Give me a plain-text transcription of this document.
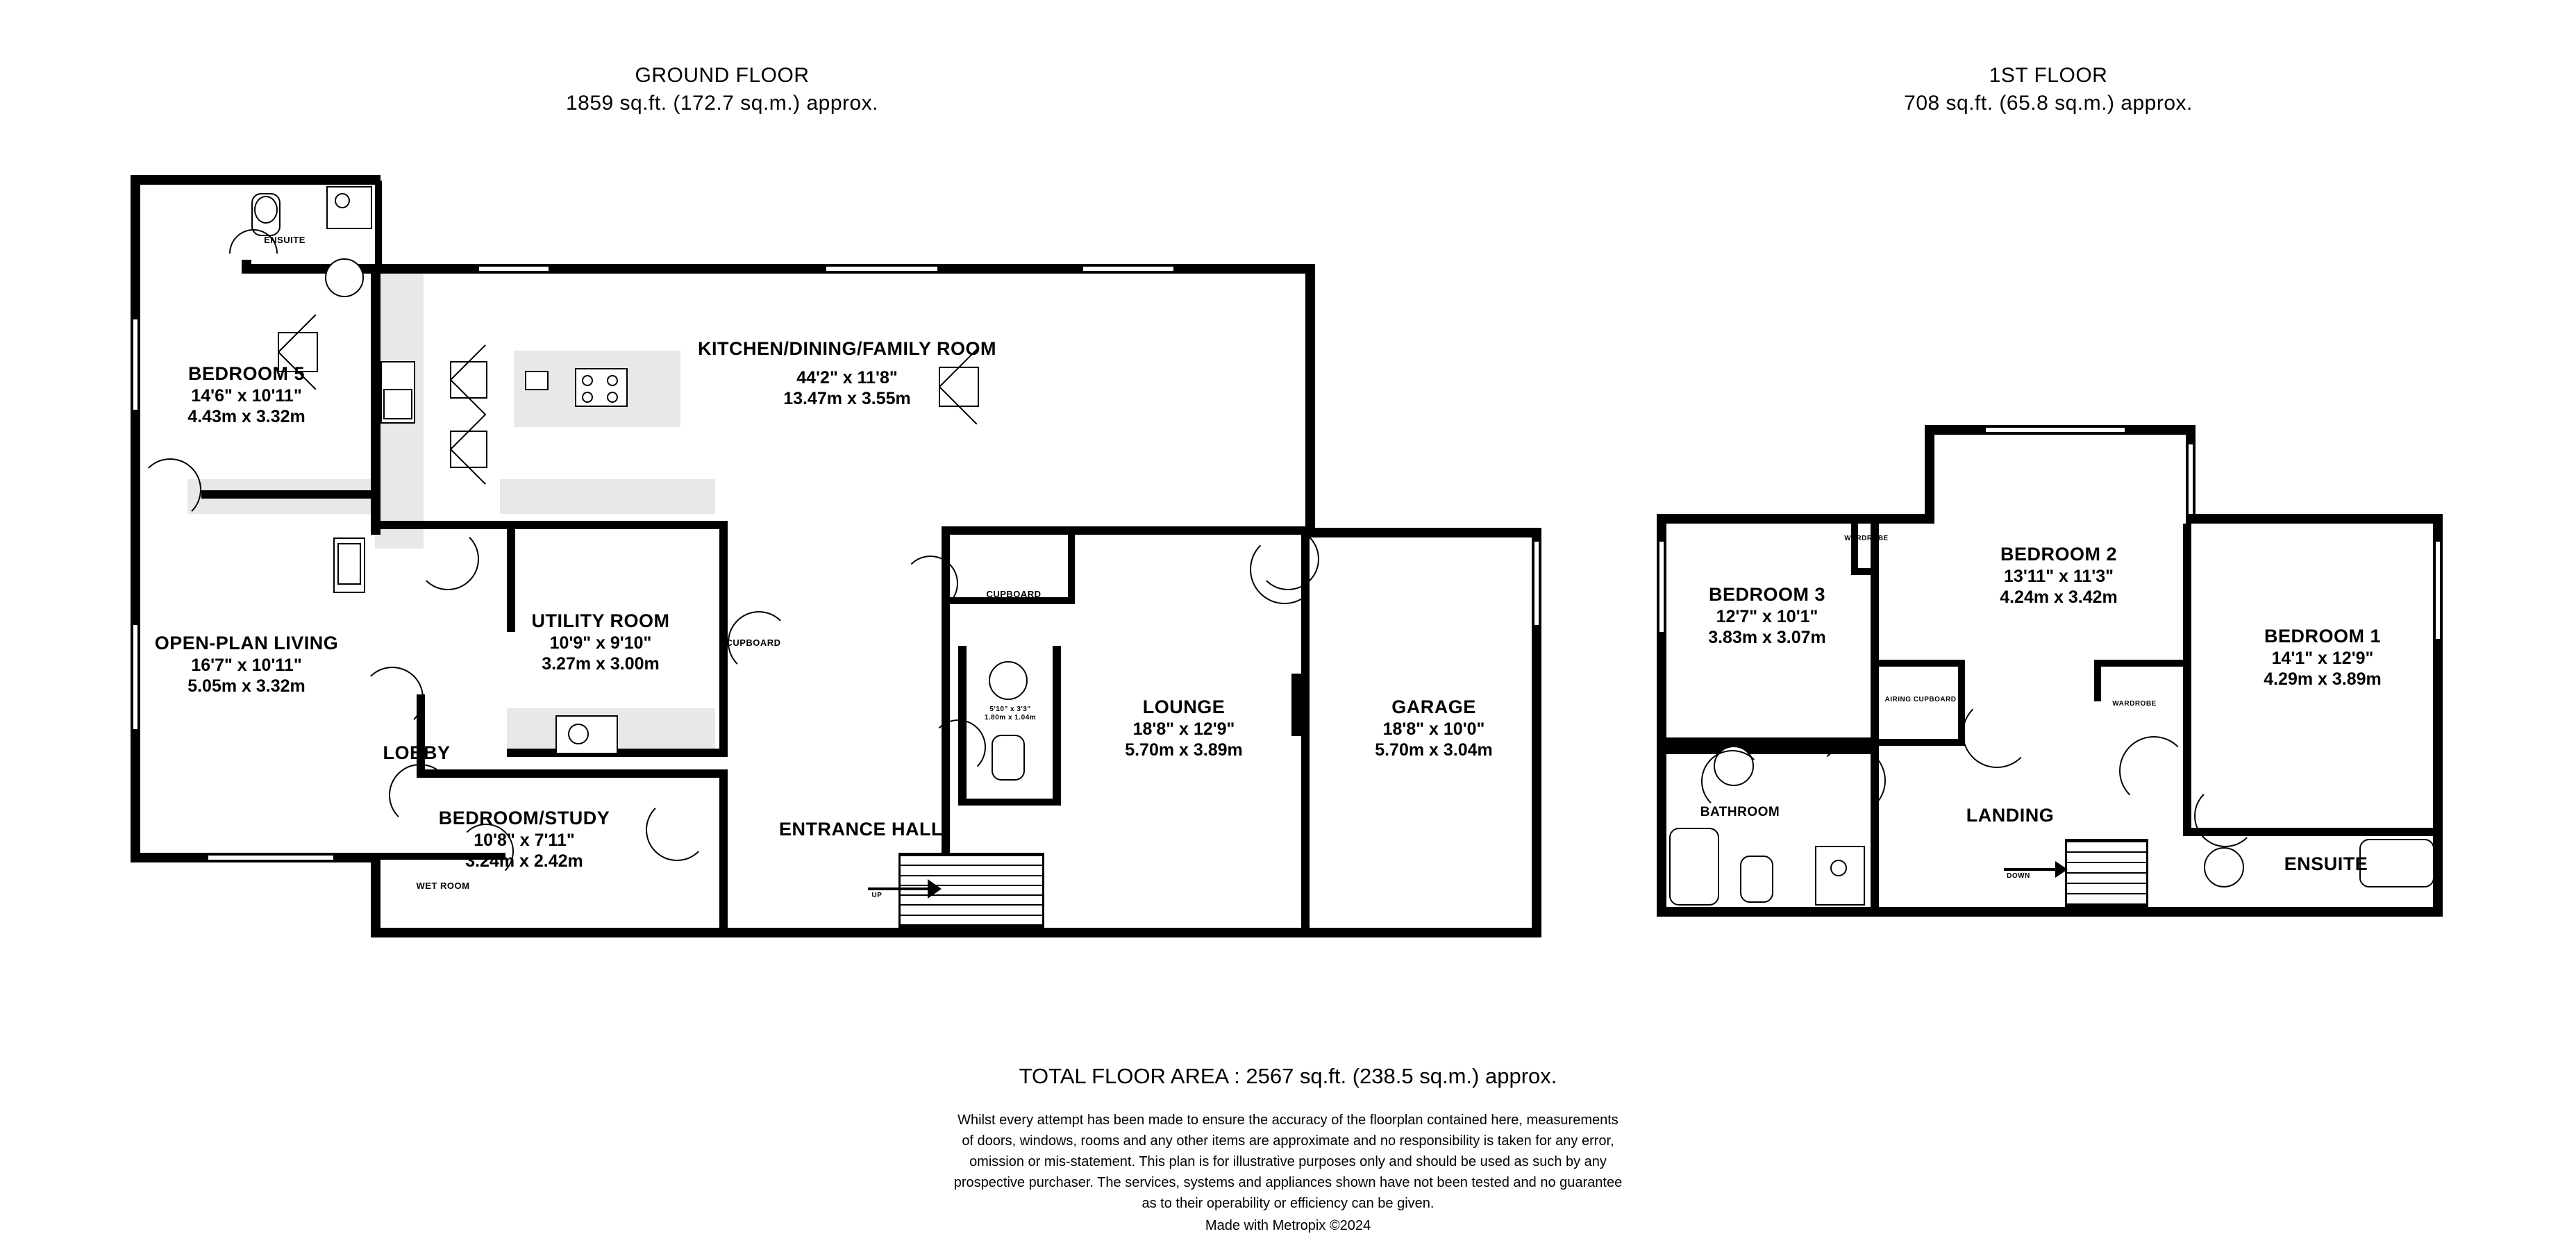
GROUND FLOOR
1859 sq.ft. (172.7 sq.m.) approx.
1ST FLOOR
708 sq.ft. (65.8 sq.m.) approx.
ENSUITE
BEDROOM 5
14'6" x 10'11"
4.43m x 3.32m
OPEN-PLAN LIVING
16'7" x 10'11"
5.05m x 3.32m
KITCHEN/DINING/FAMILY ROOM
44'2" x 11'8"
13.47m x 3.55m
UTILITY ROOM
10'9" x 9'10"
3.27m x 3.00m
LOUNGE
18'8" x 12'9"
5.70m x 3.89m
GARAGE
18'8" x 10'0"
5.70m x 3.04m
BEDROOM/STUDY
10'8" x 7'11"
3.24m x 2.42m
LOBBY
ENTRANCE HALL
WET ROOM
CUPBOARD
CUPBOARD
UP
5'10" x 3'3"
1.80m x 1.04m
BEDROOM 3
12'7" x 10'1"
3.83m x 3.07m
BEDROOM 2
13'11" x 11'3"
4.24m x 3.42m
BEDROOM 1
14'1" x 12'9"
4.29m x 3.89m
BATHROOM	LANDING
ENSUITE
WARDROBE
WARDROBE
AIRING CUPBOARD
DOWN
TOTAL FLOOR AREA : 2567 sq.ft. (238.5 sq.m.) approx.
Whilst every attempt has been made to ensure the accuracy of the floorplan contained here, measurements
of doors, windows, rooms and any other items are approximate and no responsibility is taken for any error,
omission or mis-statement. This plan is for illustrative purposes only and should be used as such by any
prospective purchaser. The services, systems and appliances shown have not been tested and no guarantee
as to their operability or efficiency can be given.
Made with Metropix ©2024
